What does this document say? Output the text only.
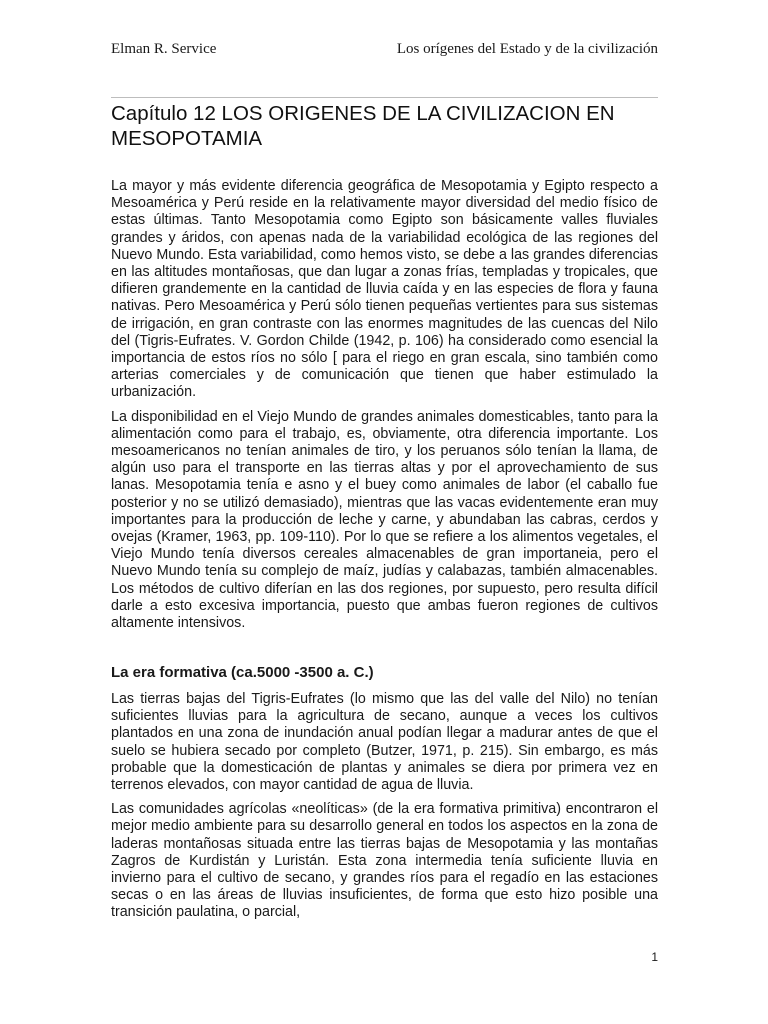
Elman R. Service	Los orígenes del Estado y de la civilización
Capítulo 12 LOS ORIGENES DE LA CIVILIZACION EN MESOPOTAMIA

La mayor y más evidente diferencia geográfica de Mesopotamia y Egipto respecto a Mesoamérica y Perú reside en la relativamente mayor diversidad del medio físico de estas últimas. Tanto Mesopotamia como Egipto son básicamente valles fluviales grandes y áridos, con apenas nada de la variabilidad ecológica de las regiones del Nuevo Mundo. Esta variabilidad, como hemos visto, se debe a las grandes diferencias en las altitudes montañosas, que dan lugar a zonas frías, templadas y tropicales, que difieren grandemente en la cantidad de lluvia caída y en las especies de flora y fauna nativas. Pero Mesoamérica y Perú sólo tienen pequeñas vertientes para sus sistemas de irrigación, en gran contraste con las enormes magnitudes de las cuencas del Nilo del (Tigris-Eufrates. V. Gordon Childe (1942, p. 106) ha considerado como esencial la importancia de estos ríos no sólo [ para el riego en gran escala, sino también como arterias comerciales y de comunicación que tienen que haber estimulado la urbanización.

La disponibilidad en el Viejo Mundo de grandes animales domesticables, tanto para la alimentación como para el trabajo, es, obviamente, otra diferencia importante. Los mesoamericanos no tenían animales de tiro, y los peruanos sólo tenían la llama, de algún uso para el transporte en las tierras altas y por el aprovechamiento de sus lanas. Mesopotamia tenía e asno y el buey como animales de labor (el caballo fue posterior y no se utilizó demasiado), mientras que las vacas evidentemente eran muy importantes para la producción de leche y carne, y abundaban las cabras, cerdos y ovejas (Kramer, 1963, pp. 109-110). Por lo que se refiere a los alimentos vegetales, el Viejo Mundo tenía diversos cereales almacenables de gran importaneia, pero el Nuevo Mundo tenía su complejo de maíz, judías y calabazas, también almacenables. Los métodos de cultivo diferían en las dos regiones, por supuesto, pero resulta difícil darle a esto excesiva importancia, puesto que ambas fueron regiones de cultivos altamente intensivos.

La era formativa (ca.5000 -3500 a. C.)

Las tierras bajas del Tigris-Eufrates (lo mismo que las del valle del Nilo) no tenían suficientes lluvias para la agricultura de secano, aunque a veces los cultivos plantados en una zona de inundación anual podían llegar a madurar antes de que el suelo se hubiera secado por completo (Butzer, 1971, p. 215). Sin embargo, es más probable que la domesticación de plantas y animales se diera por primera vez en terrenos elevados, con mayor cantidad de agua de lluvia.

Las comunidades agrícolas «neolíticas» (de la era formativa primitiva) encontraron el mejor medio ambiente para su desarrollo general en todos los aspectos en la zona de laderas montañosas situada entre las tierras bajas de Mesopotamia y las montañas Zagros de Kurdistán y Luristán. Esta zona intermedia tenía suficiente lluvia en invierno para el cultivo de secano, y grandes ríos para el regadío en las estaciones secas o en las áreas de lluvias insuficientes, de forma que esto hizo posible una transición paulatina, o parcial,

1
